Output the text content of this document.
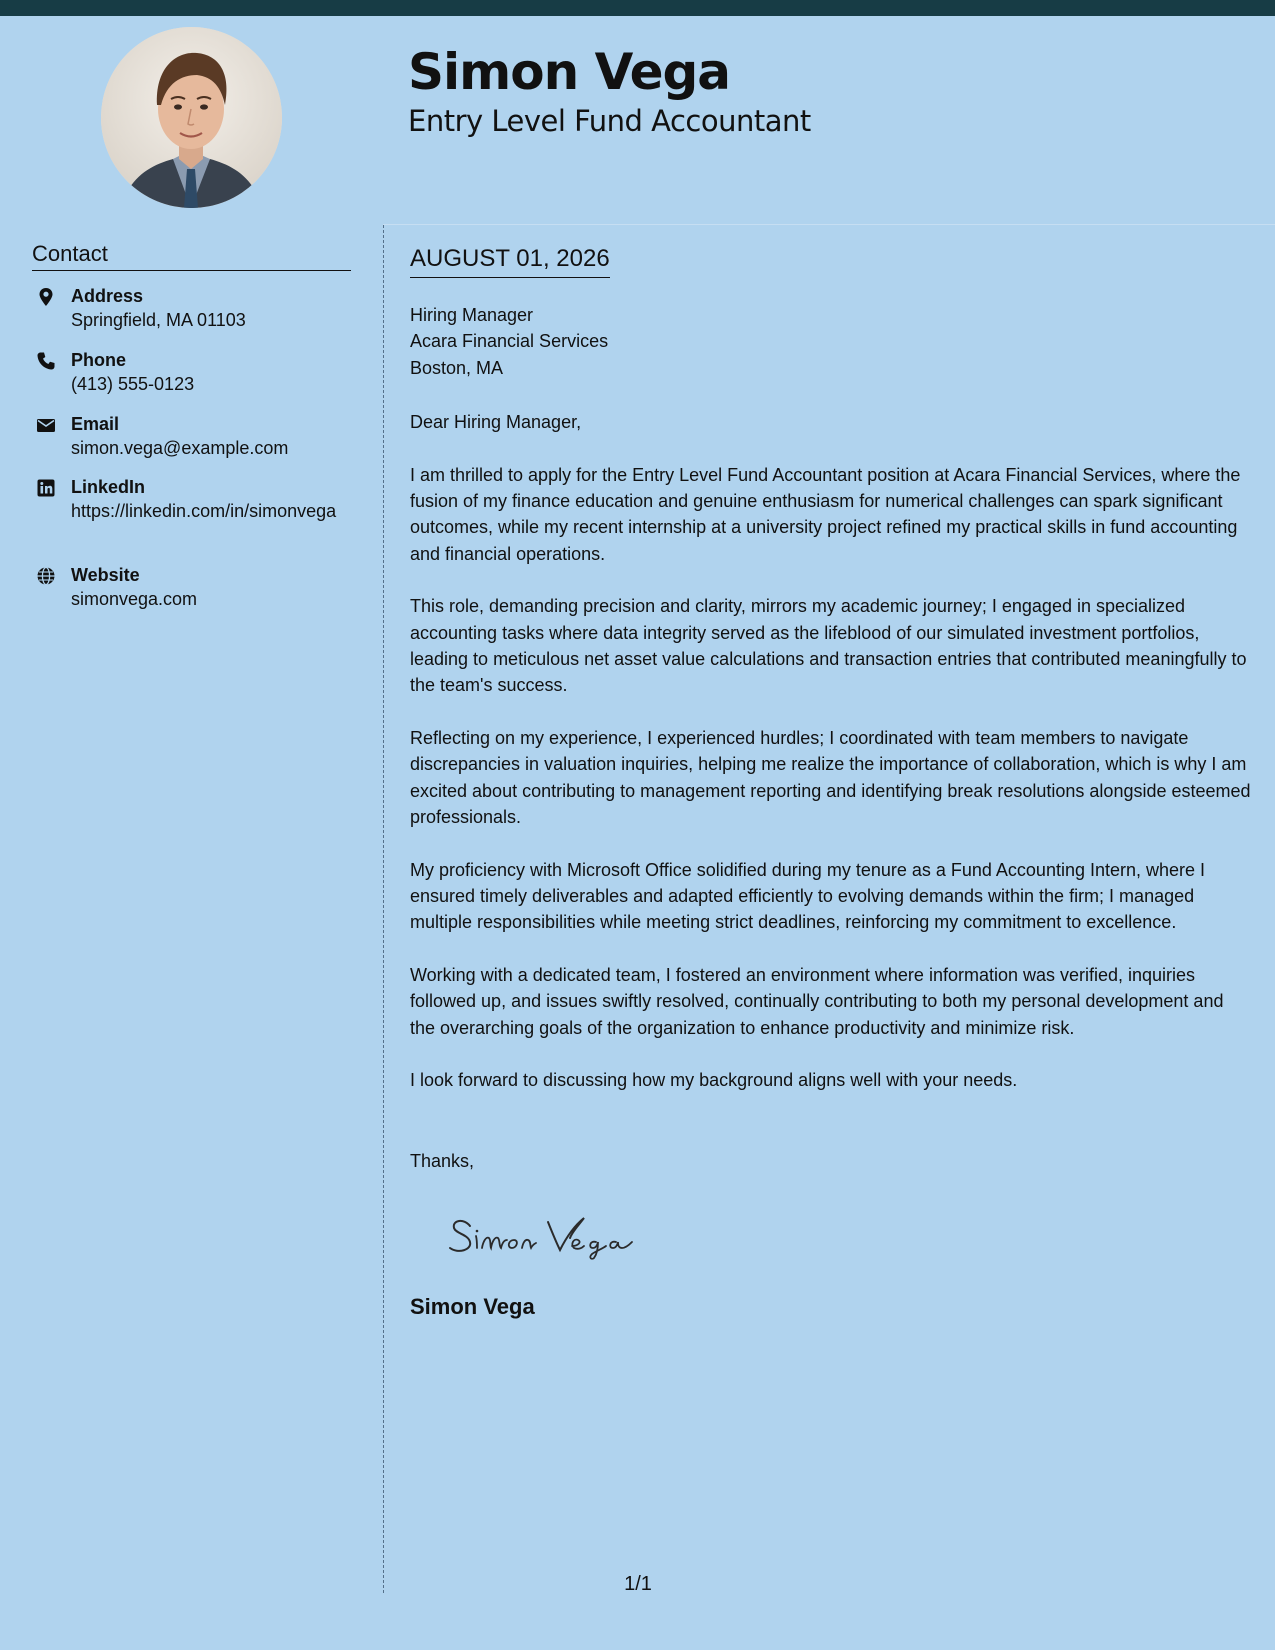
Simon Vega
Entry Level Fund Accountant
Contact
Address
Springfield, MA 01103
Phone
(413) 555-0123
Email
simon.vega@example.com
LinkedIn
https://linkedin.com/in/simonvega
Website
simonvega.com
AUGUST 01, 2026

Hiring Manager

Acara Financial Services

Boston, MA

Dear Hiring Manager,

I am thrilled to apply for the Entry Level Fund Accountant position at Acara Financial Services, where the fusion of my finance education and genuine enthusiasm for numerical challenges can spark significant outcomes, while my recent internship at a university project refined my practical skills in fund accounting and financial operations.

This role, demanding precision and clarity, mirrors my academic journey; I engaged in specialized accounting tasks where data integrity served as the lifeblood of our simulated investment portfolios, leading to meticulous net asset value calculations and transaction entries that contributed meaningfully to the team's success.

Reflecting on my experience, I experienced hurdles; I coordinated with team members to navigate discrepancies in valuation inquiries, helping me realize the importance of collaboration, which is why I am excited about contributing to management reporting and identifying break resolutions alongside esteemed professionals.

My proficiency with Microsoft Office solidified during my tenure as a Fund Accounting Intern, where I ensured timely deliverables and adapted efficiently to evolving demands within the firm; I managed multiple responsibilities while meeting strict deadlines, reinforcing my commitment to excellence.

Working with a dedicated team, I fostered an environment where information was verified, inquiries followed up, and issues swiftly resolved, continually contributing to both my personal development and the overarching goals of the organization to enhance productivity and minimize risk.

I look forward to discussing how my background aligns well with your needs.

Thanks,
Simon Vega
1/1
